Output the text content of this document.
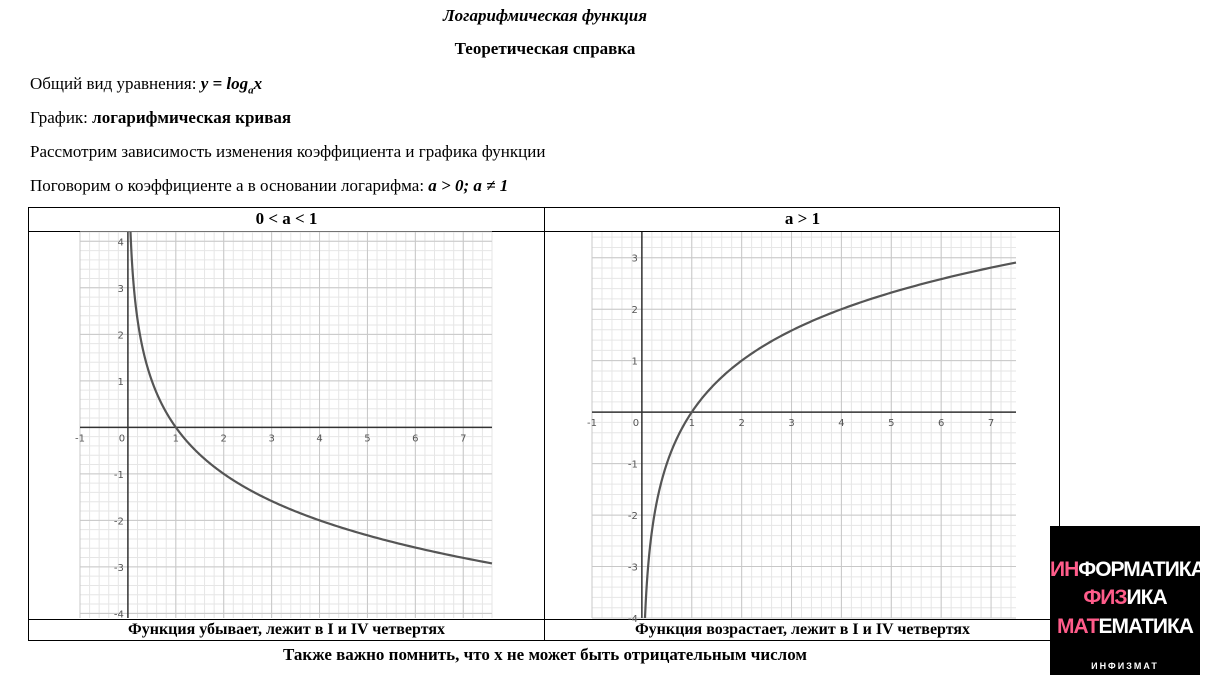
Логарифмическая функция
Теоретическая справка
Общий вид уравнения: $y = \log_ax$
График: логарифмическая кривая
Рассмотрим зависимость изменения коэффициента и графика функции
Поговорим о коэффициенте a в основании логарифма: a > 0; a ≠ 1
0 < a < 1	a > 1
Функция убывает, лежит в I и IV четвертях	Функция возрастает, лежит в I и IV четвертях
-1	0	1	2	3	4	5	6	7
4
3
2
1
-1
-2
-3
-4
-1	0	1	2	3	4	5	6	7
3
2
1
-1
-2
-3
-4
Также важно помнить, что x не может быть отрицательным числом
ИНФОРМАТИКА
ФИЗИКА
МАТЕМАТИКА
ИНФИЗМАТ
